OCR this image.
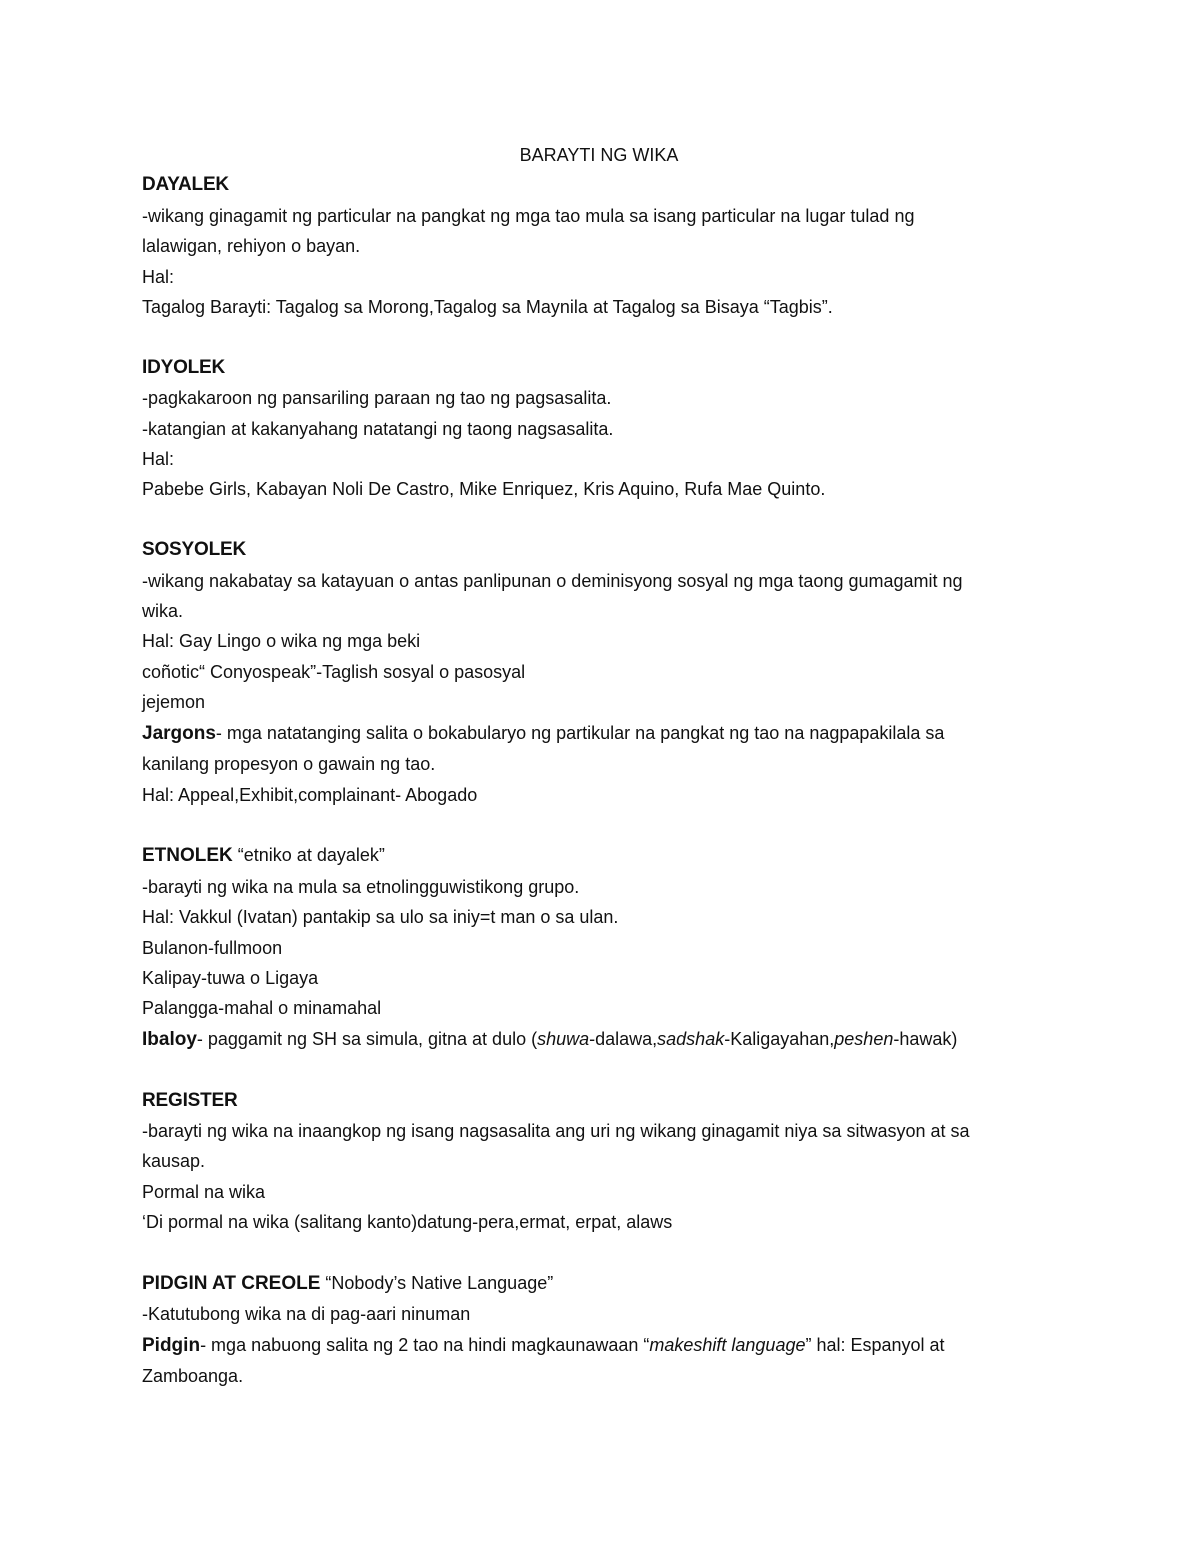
BARAYTI NG WIKA

DAYALEK

-wikang ginagamit ng particular na pangkat ng mga tao mula sa isang particular na lugar tulad ng

lalawigan, rehiyon o bayan.

Hal:

Tagalog Barayti: Tagalog sa Morong,Tagalog sa Maynila at Tagalog sa Bisaya “Tagbis”.

IDYOLEK

-pagkakaroon ng pansariling paraan ng tao ng pagsasalita.

-katangian at kakanyahang natatangi ng taong nagsasalita.

Hal:

Pabebe Girls, Kabayan Noli De Castro, Mike Enriquez, Kris Aquino, Rufa Mae Quinto.

SOSYOLEK

-wikang nakabatay sa katayuan o antas panlipunan o deminisyong sosyal ng mga taong gumagamit ng

wika.

Hal: Gay Lingo o wika ng mga beki

coñotic“ Conyospeak”-Taglish sosyal o pasosyal

jejemon

Jargons- mga natatanging salita o bokabularyo ng partikular na pangkat ng tao na nagpapakilala sa

kanilang propesyon o gawain ng tao.

Hal: Appeal,Exhibit,complainant- Abogado

ETNOLEK “etniko at dayalek”

-barayti ng wika na mula sa etnolingguwistikong grupo.

Hal: Vakkul (Ivatan) pantakip sa ulo sa iniy=t man o sa ulan.

Bulanon-fullmoon

Kalipay-tuwa o Ligaya

Palangga-mahal o minamahal

Ibaloy- paggamit ng SH sa simula, gitna at dulo (shuwa-dalawa,sadshak-Kaligayahan,peshen-hawak)

REGISTER

-barayti ng wika na inaangkop ng isang nagsasalita ang uri ng wikang ginagamit niya sa sitwasyon at sa

kausap.

Pormal na wika

‘Di pormal na wika (salitang kanto)datung-pera,ermat, erpat, alaws

PIDGIN AT CREOLE “Nobody’s Native Language”

-Katutubong wika na di pag-aari ninuman

Pidgin- mga nabuong salita ng 2 tao na hindi magkaunawaan “makeshift language” hal: Espanyol at

Zamboanga.
